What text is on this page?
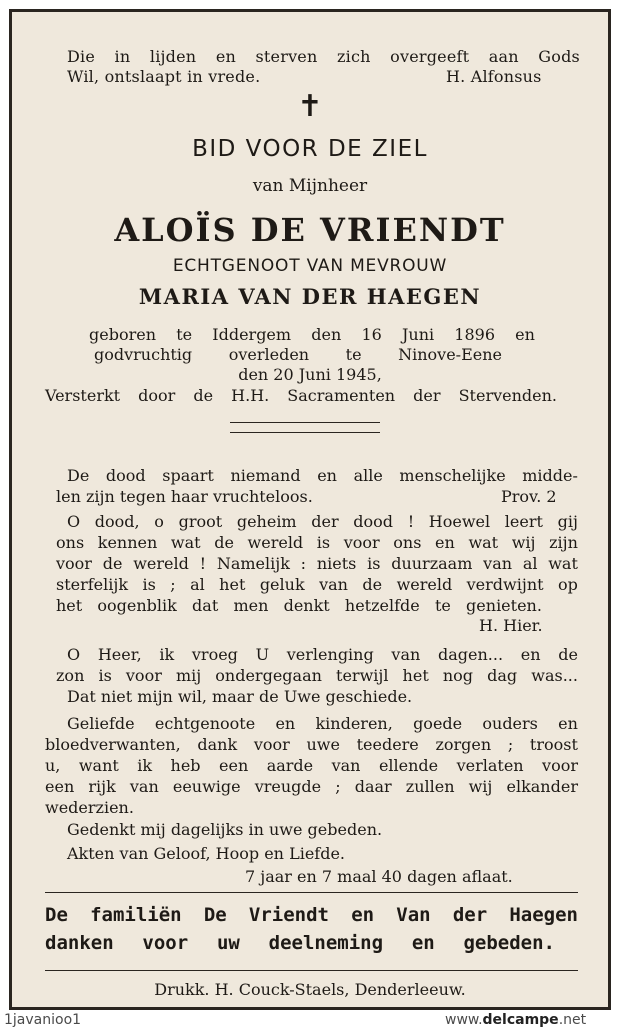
Die in lijden en sterven zich overgeeft aan Gods
Wil, ontslaapt in vrede.	H. Alfonsus
✝
BID VOOR DE ZIEL
van Mijnheer
ALOÏS DE VRIENDT
ECHTGENOOT VAN MEVROUW
MARIA VAN DER HAEGEN
geboren te Iddergem den 16 Juni 1896 en
godvruchtig overleden te Ninove-Eene
den 20 Juni 1945,
Versterkt door de H.H. Sacramenten der Stervenden.
De dood spaart niemand en alle menschelijke midde-
len zijn tegen haar vruchteloos.	Prov. 2
O dood, o groot geheim der dood ! Hoewel leert gij
ons kennen wat de wereld is voor ons en wat wij zijn
voor de wereld ! Namelijk : niets is duurzaam van al wat
sterfelijk is ; al het geluk van de wereld verdwijnt op
het oogenblik dat men denkt hetzelfde te genieten.
H. Hier.
O Heer, ik vroeg U verlenging van dagen... en de
zon is voor mij ondergegaan terwijl het nog dag was...
Dat niet mijn wil, maar de Uwe geschiede.
Geliefde echtgenoote en kinderen, goede ouders en
bloedverwanten, dank voor uwe teedere zorgen ; troost
u, want ik heb een aarde van ellende verlaten voor
een rijk van eeuwige vreugde ; daar zullen wij elkander
wederzien.
Gedenkt mij dagelijks in uwe gebeden.
Akten van Geloof, Hoop en Liefde.
7 jaar en 7 maal 40 dagen aflaat.
De familiën De Vriendt en Van der Haegen
danken voor uw deelneming en gebeden.
Drukk. H. Couck-Staels, Denderleeuw.
1javanioo1	www.delcampe.net
